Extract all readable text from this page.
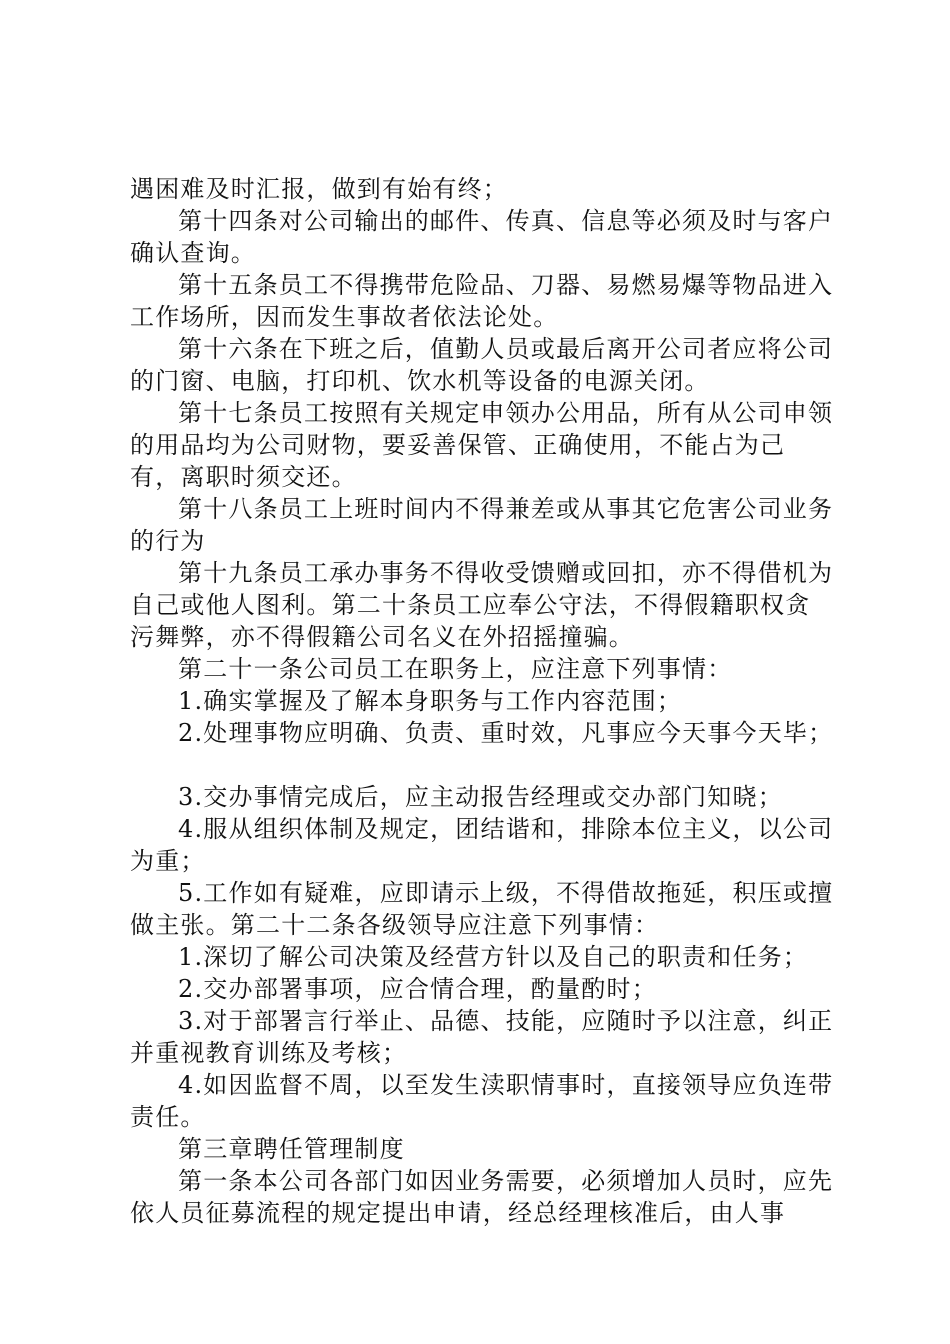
遇困难及时汇报，做到有始有终；

第十四条对公司输出的邮件、传真、信息等必须及时与客户确认查询。

第十五条员工不得携带危险品、刀器、易燃易爆等物品进入工作场所，因而发生事故者依法论处。

第十六条在下班之后，值勤人员或最后离开公司者应将公司的门窗、电脑，打印机、饮水机等设备的电源关闭。

第十七条员工按照有关规定申领办公用品，所有从公司申领的用品均为公司财物，要妥善保管、正确使用，不能占为己有，离职时须交还。

第十八条员工上班时间内不得兼差或从事其它危害公司业务的行为

第十九条员工承办事务不得收受馈赠或回扣，亦不得借机为自己或他人图利。第二十条员工应奉公守法，不得假籍职权贪污舞弊，亦不得假籍公司名义在外招摇撞骗。

第二十一条公司员工在职务上，应注意下列事情：

1.确实掌握及了解本身职务与工作内容范围；

2.处理事物应明确、负责、重时效，凡事应今天事今天毕；

3.交办事情完成后，应主动报告经理或交办部门知晓；

4.服从组织体制及规定，团结谐和，排除本位主义，以公司为重；

5.工作如有疑难，应即请示上级，不得借故拖延，积压或擅做主张。第二十二条各级领导应注意下列事情：

1.深切了解公司决策及经营方针以及自己的职责和任务；

2.交办部署事项，应合情合理，酌量酌时；

3.对于部署言行举止、品德、技能，应随时予以注意，纠正并重视教育训练及考核；

4.如因监督不周，以至发生渎职情事时，直接领导应负连带责任。

第三章聘任管理制度

第一条本公司各部门如因业务需要，必须增加人员时，应先依人员征募流程的规定提出申请，经总经理核准后，由人事
